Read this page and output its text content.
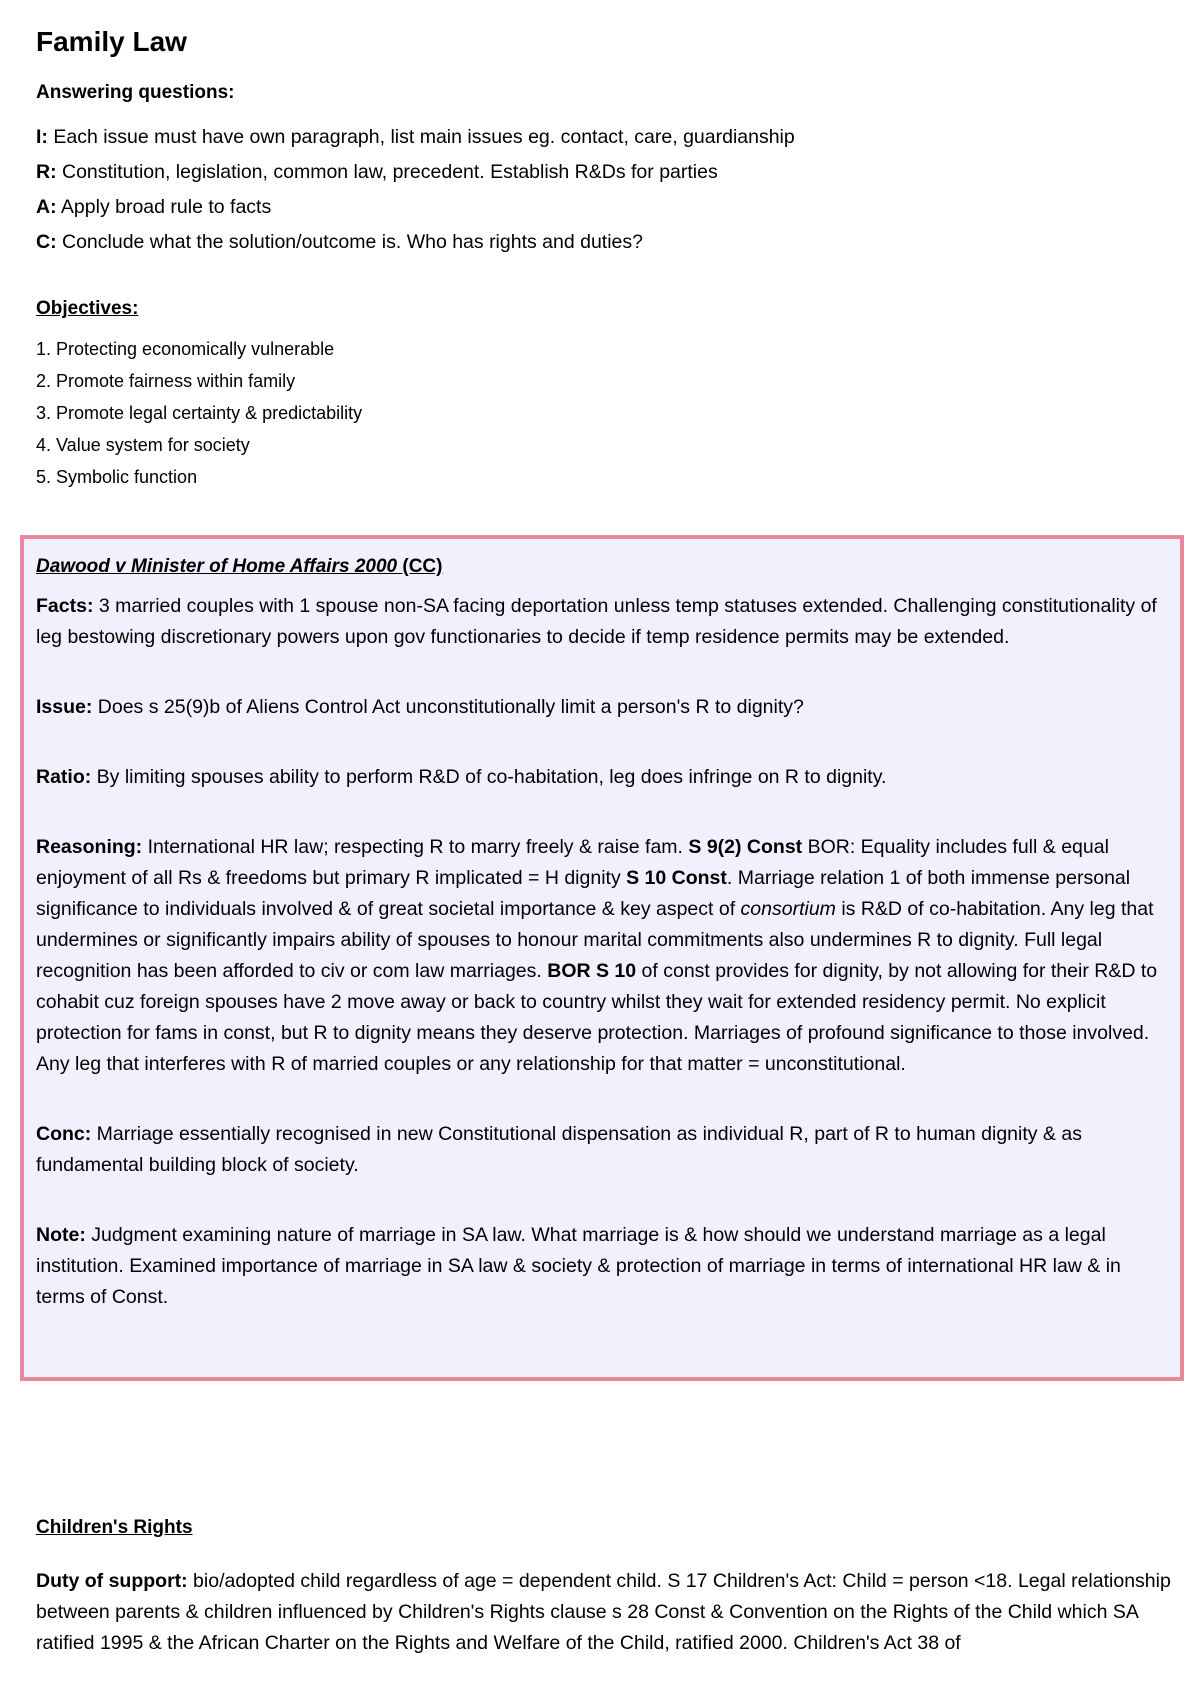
Family Law

Answering questions:

I: Each issue must have own paragraph, list main issues eg. contact, care, guardianship
R: Constitution, legislation, common law, precedent. Establish R&Ds for parties
A: Apply broad rule to facts
C: Conclude what the solution/outcome is. Who has rights and duties?

Objectives:

1. Protecting economically vulnerable
2. Promote fairness within family
3. Promote legal certainty & predictability
4. Value system for society
5. Symbolic function

Dawood v Minister of Home Affairs 2000 (CC)

Facts: 3 married couples with 1 spouse non-SA facing deportation unless temp statuses extended. Challenging constitutionality of leg bestowing discretionary powers upon gov functionaries to decide if temp residence permits may be extended.

Issue: Does s 25(9)b of Aliens Control Act unconstitutionally limit a person's R to dignity?

Ratio: By limiting spouses ability to perform R&D of co-habitation, leg does infringe on R to dignity.

Reasoning: International HR law; respecting R to marry freely & raise fam. S 9(2) Const BOR: Equality includes full & equal enjoyment of all Rs & freedoms but primary R implicated = H dignity S 10 Const. Marriage relation 1 of both immense personal significance to individuals involved & of great societal importance & key aspect of consortium is R&D of co-habitation. Any leg that undermines or significantly impairs ability of spouses to honour marital commitments also undermines R to dignity. Full legal recognition has been afforded to civ or com law marriages. BOR S 10 of const provides for dignity, by not allowing for their R&D to cohabit cuz foreign spouses have 2 move away or back to country whilst they wait for extended residency permit. No explicit protection for fams in const, but R to dignity means they deserve protection. Marriages of profound significance to those involved. Any leg that interferes with R of married couples or any relationship for that matter = unconstitutional.

Conc: Marriage essentially recognised in new Constitutional dispensation as individual R, part of R to human dignity & as fundamental building block of society.

Note: Judgment examining nature of marriage in SA law. What marriage is & how should we understand marriage as a legal institution. Examined importance of marriage in SA law & society & protection of marriage in terms of international HR law & in terms of Const.

Children's Rights

Duty of support: bio/adopted child regardless of age = dependent child. S 17 Children's Act: Child = person <18. Legal relationship between parents & children influenced by Children's Rights clause s 28 Const & Convention on the Rights of the Child which SA ratified 1995 & the African Charter on the Rights and Welfare of the Child, ratified 2000. Children's Act 38 of
